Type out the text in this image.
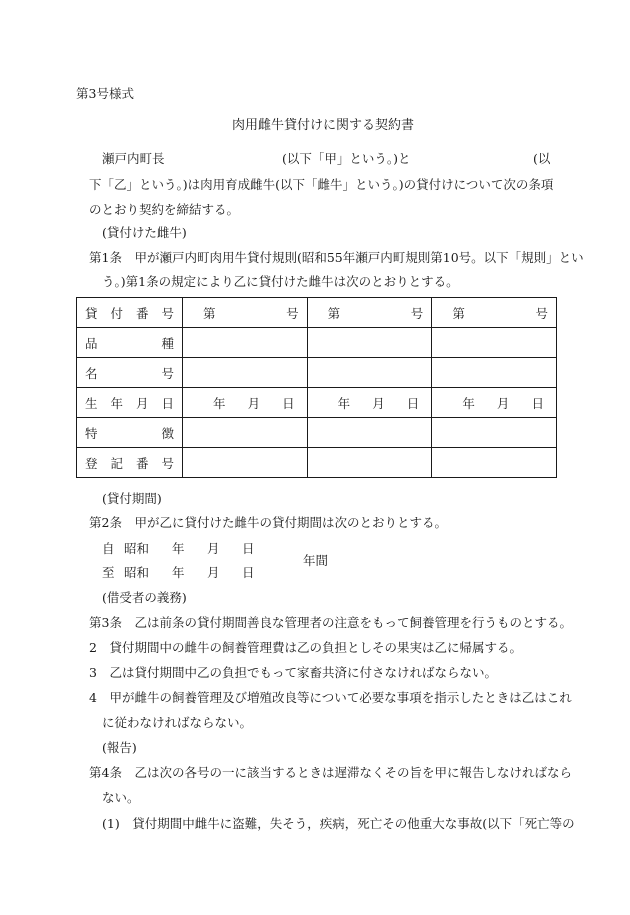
第3号様式
肉用雌牛貸付けに関する契約書
瀬戸内町長	(以下「甲」という。)と	(以
下「乙」という。)は肉用育成雌牛(以下「雌牛」という。)の貸付けについて次の条項
のとおり契約を締結する。
(貸付けた雌牛)
第1条　甲が瀬戸内町肉用牛貸付規則(昭和55年瀬戸内町規則第10号。以下「規則」とい
う。)第1条の規定により乙に貸付けた雌牛は次のとおりとする。
貸付番号	第 号	第 号	第 号

品種			
名号			
生年月日	年 月 日	年 月 日	年 月 日

特徴			
登記番号			
(貸付期間)
第2条　甲が乙に貸付けた雌牛の貸付期間は次のとおりとする。
自 昭和 年 月 日
年間
至 昭和 年 月 日
(借受者の義務)
第3条　乙は前条の貸付期間善良な管理者の注意をもって飼養管理を行うものとする。
2　貸付期間中の雌牛の飼養管理費は乙の負担としその果実は乙に帰属する。
3　乙は貸付期間中乙の負担でもって家畜共済に付さなければならない。
4　甲が雌牛の飼養管理及び増殖改良等について必要な事項を指示したときは乙はこれ
に従わなければならない。
(報告)
第4条　乙は次の各号の一に該当するときは遅滞なくその旨を甲に報告しなければなら
ない。
(1)　貸付期間中雌牛に盗難，失そう，疾病，死亡その他重大な事故(以下「死亡等の
